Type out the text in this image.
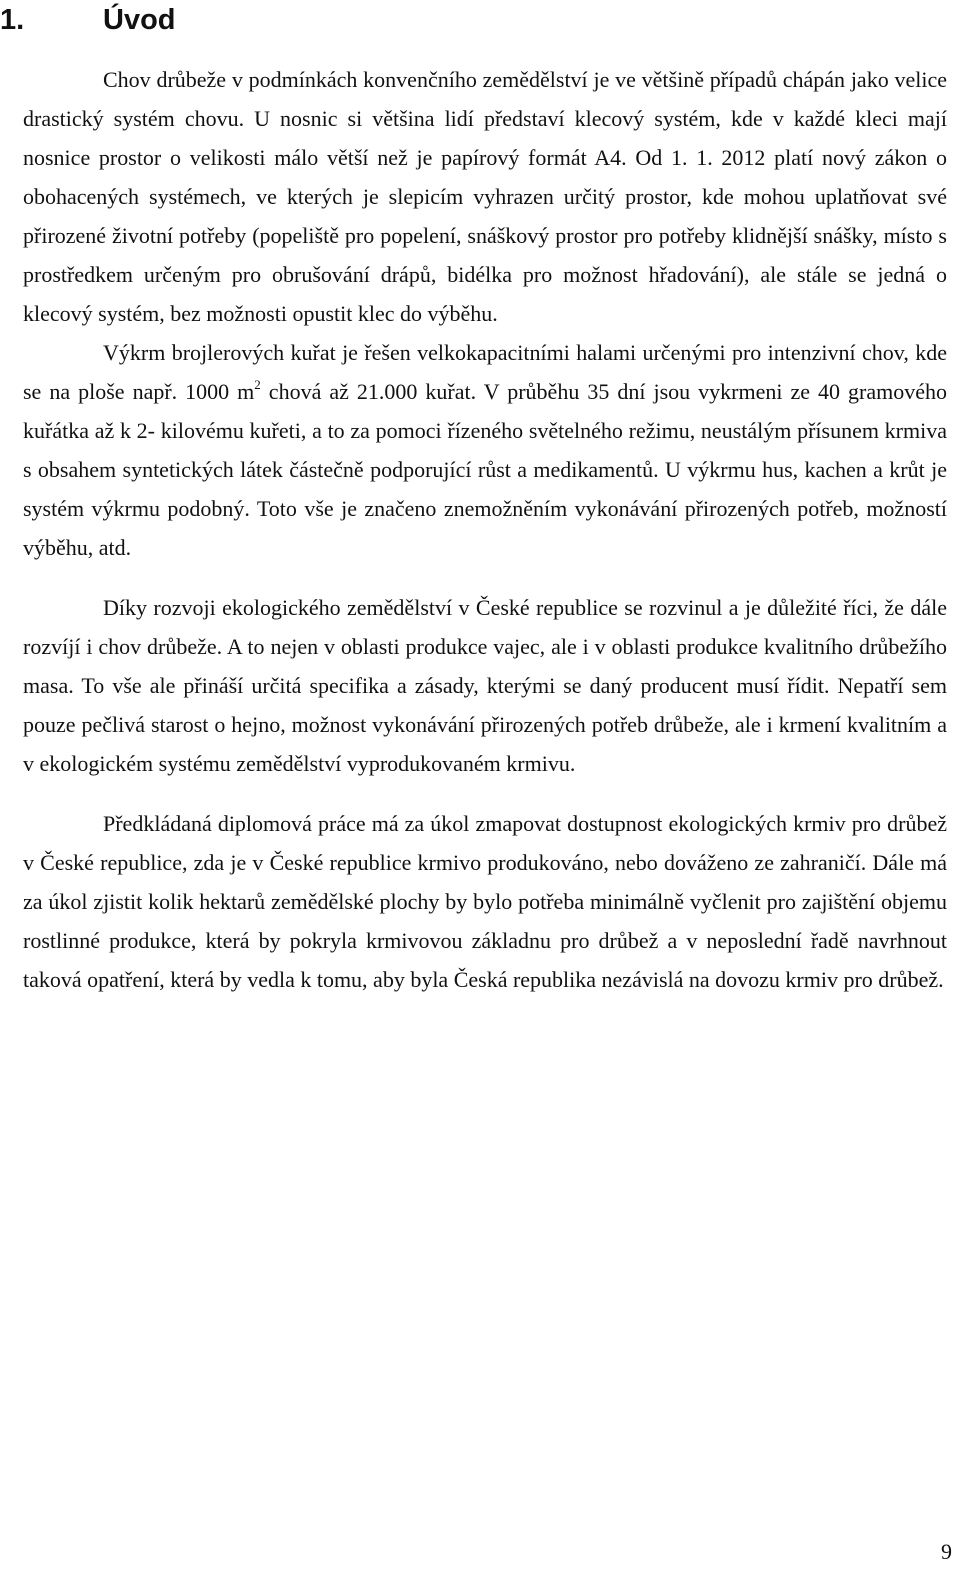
1.	Úvod

Chov drůbeže v podmínkách konvenčního zemědělství je ve většině případů chápán jako velice drastický systém chovu. U nosnic si většina lidí představí klecový systém, kde v každé kleci mají nosnice prostor o velikosti málo větší než je papírový formát A4. Od 1. 1. 2012 platí nový zákon o obohacených systémech, ve kterých je slepicím vyhrazen určitý prostor, kde mohou uplatňovat své přirozené životní potřeby (popeliště pro popelení, snáškový prostor pro potřeby klidnější snášky, místo s prostředkem určeným pro obrušování drápů, bidélka pro možnost hřadování), ale stále se jedná o klecový systém, bez možnosti opustit klec do výběhu.

Výkrm brojlerových kuřat je řešen velkokapacitními halami určenými pro intenzivní chov, kde se na ploše např. 1000 $m^2$ chová až 21.000 kuřat. V průběhu 35 dní jsou vykrmeni ze 40 gramového kuřátka až k 2- kilovému kuřeti, a to za pomoci řízeného světelného režimu, neustálým přísunem krmiva s obsahem syntetických látek částečně podporující růst a medikamentů. U výkrmu hus, kachen a krůt je systém výkrmu podobný. Toto vše je značeno znemožněním vykonávání přirozených potřeb, možností výběhu, atd.

Díky rozvoji ekologického zemědělství v České republice se rozvinul a je důležité říci, že dále rozvíjí i chov drůbeže. A to nejen v oblasti produkce vajec, ale i v oblasti produkce kvalitního drůbežího masa. To vše ale přináší určitá specifika a zásady, kterými se daný producent musí řídit. Nepatří sem pouze pečlivá starost o hejno, možnost vykonávání přirozených potřeb drůbeže, ale i krmení kvalitním a v ekologickém systému zemědělství vyprodukovaném krmivu.

Předkládaná diplomová práce má za úkol zmapovat dostupnost ekologických krmiv pro drůbež v České republice, zda je v České republice krmivo produkováno, nebo dováženo ze zahraničí. Dále má za úkol zjistit kolik hektarů zemědělské plochy by bylo potřeba minimálně vyčlenit pro zajištění objemu rostlinné produkce, která by pokryla krmivovou základnu pro drůbež a v neposlední řadě navrhnout taková opatření, která by vedla k tomu, aby byla Česká republika nezávislá na dovozu krmiv pro drůbež.

9
